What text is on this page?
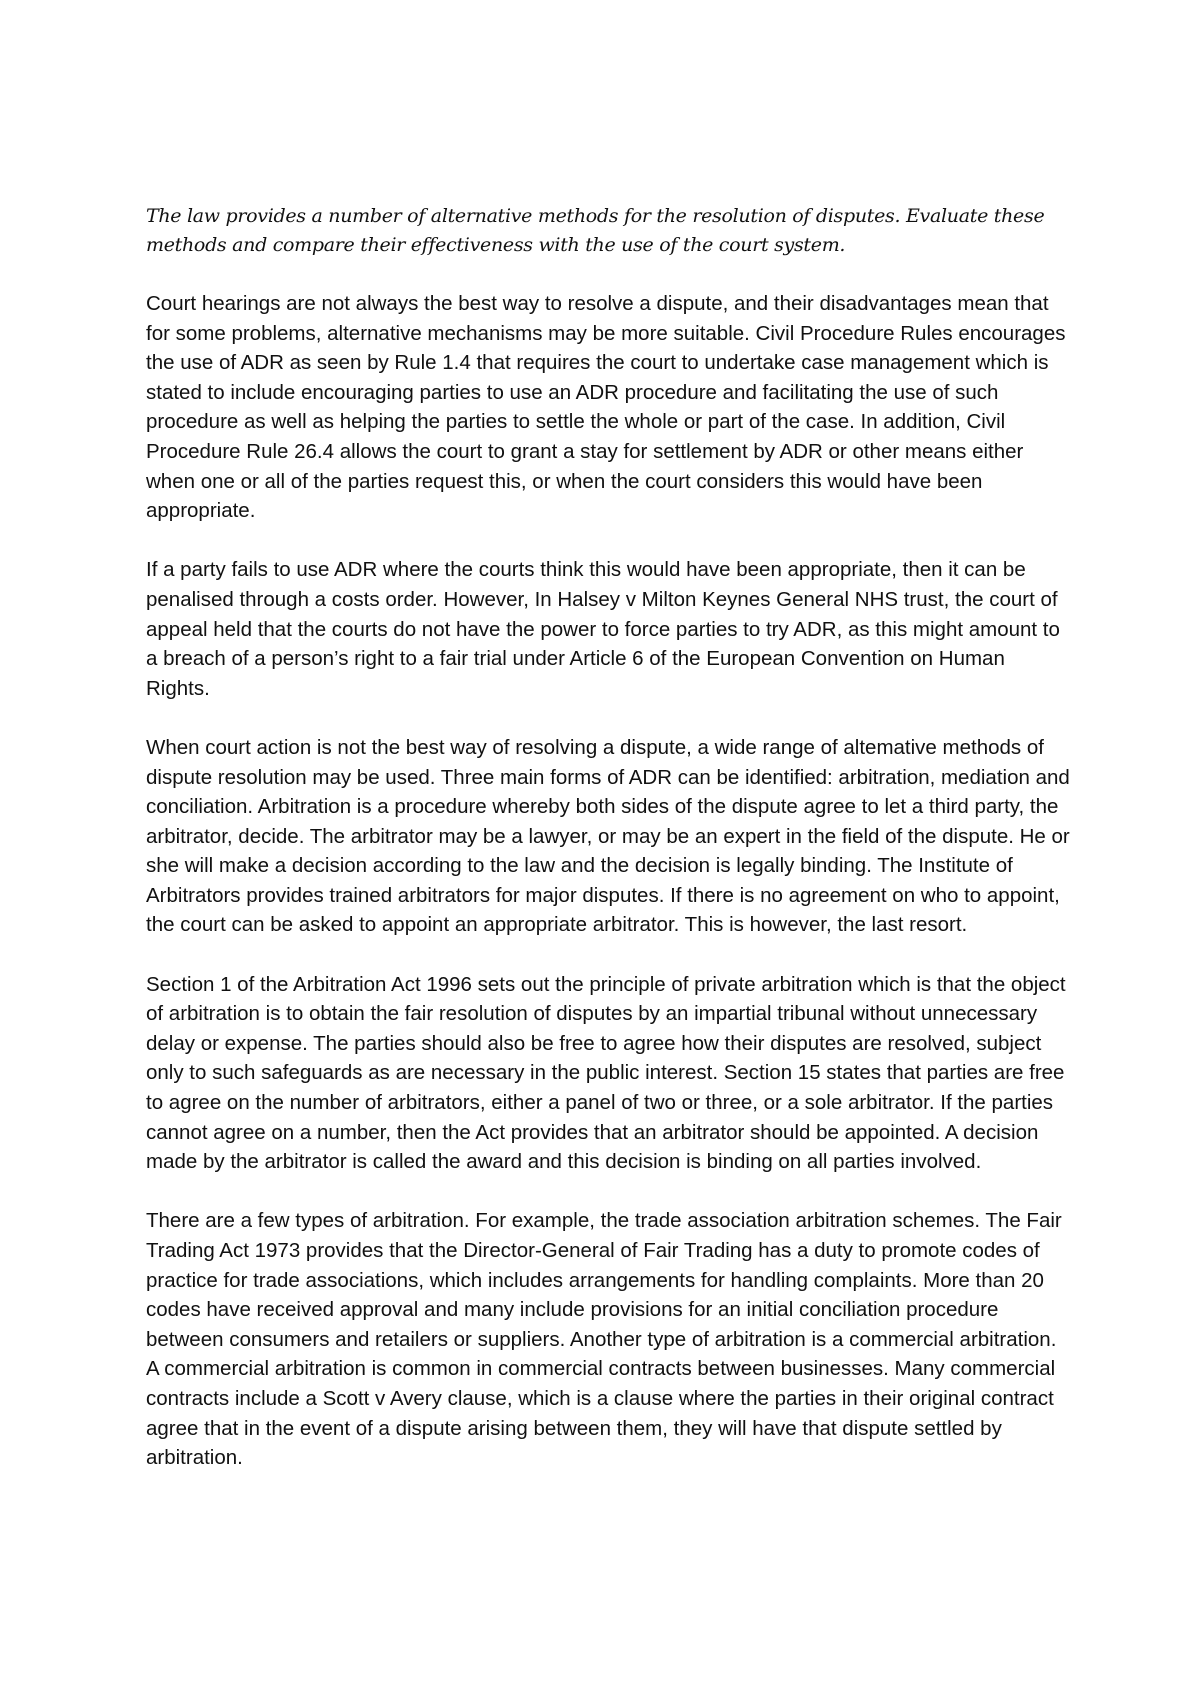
The law provides a number of alternative methods for the resolution of disputes. Evaluate these methods and compare their effectiveness with the use of the court system.

Court hearings are not always the best way to resolve a dispute, and their disadvantages mean that for some problems, alternative mechanisms may be more suitable. Civil Procedure Rules encourages the use of ADR as seen by Rule 1.4 that requires the court to undertake case management which is stated to include encouraging parties to use an ADR procedure and facilitating the use of such procedure as well as helping the parties to settle the whole or part of the case. In addition, Civil Procedure Rule 26.4 allows the court to grant a stay for settlement by ADR or other means either when one or all of the parties request this, or when the court considers this would have been appropriate.

If a party fails to use ADR where the courts think this would have been appropriate, then it can be penalised through a costs order. However, In Halsey v Milton Keynes General NHS trust, the court of appeal held that the courts do not have the power to force parties to try ADR, as this might amount to a breach of a person’s right to a fair trial under Article 6 of the European Convention on Human Rights.

When court action is not the best way of resolving a dispute, a wide range of altemative methods of dispute resolution may be used. Three main forms of ADR can be identified: arbitration, mediation and conciliation. Arbitration is a procedure whereby both sides of the dispute agree to let a third party, the arbitrator, decide. The arbitrator may be a lawyer, or may be an expert in the field of the dispute. He or she will make a decision according to the law and the decision is legally binding. The Institute of Arbitrators provides trained arbitrators for major disputes. If there is no agreement on who to appoint, the court can be asked to appoint an appropriate arbitrator. This is however, the last resort.

Section 1 of the Arbitration Act 1996 sets out the principle of private arbitration which is that the object of arbitration is to obtain the fair resolution of disputes by an impartial tribunal without unnecessary delay or expense. The parties should also be free to agree how their disputes are resolved, subject only to such safeguards as are necessary in the public interest. Section 15 states that parties are free to agree on the number of arbitrators, either a panel of two or three, or a sole arbitrator. If the parties cannot agree on a number, then the Act provides that an arbitrator should be appointed. A decision made by the arbitrator is called the award and this decision is binding on all parties involved.

There are a few types of arbitration. For example, the trade association arbitration schemes. The Fair Trading Act 1973 provides that the Director-General of Fair Trading has a duty to promote codes of practice for trade associations, which includes arrangements for handling complaints. More than 20 codes have received approval and many include provisions for an initial conciliation procedure between consumers and retailers or suppliers. Another type of arbitration is a commercial arbitration. A commercial arbitration is common in commercial contracts between businesses. Many commercial contracts include a Scott v Avery clause, which is a clause where the parties in their original contract agree that in the event of a dispute arising between them, they will have that dispute settled by arbitration.
